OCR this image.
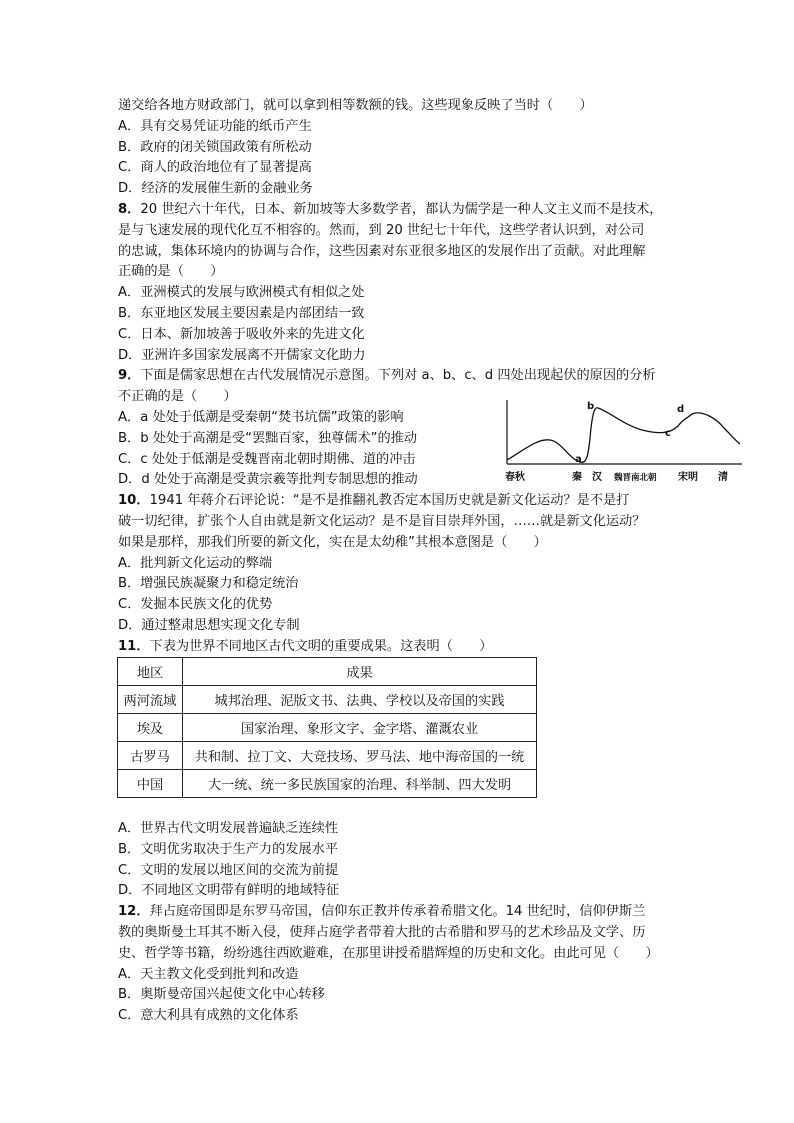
递交给各地方财政部门，就可以拿到相等数额的钱。这些现象反映了当时（　　）
A．具有交易凭证功能的纸币产生
B．政府的闭关锁国政策有所松动
C．商人的政治地位有了显著提高
D．经济的发展催生新的金融业务
8．20 世纪六十年代，日本、新加坡等大多数学者，都认为儒学是一种人文主义而不是技术，
是与飞速发展的现代化互不相容的。然而，到 20 世纪七十年代，这些学者认识到，对公司
的忠诚，集体环境内的协调与合作，这些因素对东亚很多地区的发展作出了贡献。对此理解
正确的是（　　）
A．亚洲模式的发展与欧洲模式有相似之处
B．东亚地区发展主要因素是内部团结一致
C．日本、新加坡善于吸收外来的先进文化
D．亚洲许多国家发展离不开儒家文化助力
9．下面是儒家思想在古代发展情况示意图。下列对 a、b、c、d 四处出现起伏的原因的分析
不正确的是（　　）
A．a 处处于低潮是受秦朝“焚书坑儒”政策的影响
B．b 处处于高潮是受“罢黜百家，独尊儒术”的推动
C．c 处处于低潮是受魏晋南北朝时期佛、道的冲击
D．d 处处于高潮是受黄宗羲等批判专制思想的推动
10．1941 年蒋介石评论说：“是不是推翻礼教否定本国历史就是新文化运动？是不是打
破一切纪律，扩张个人自由就是新文化运动？是不是盲目崇拜外国，……就是新文化运动？
如果是那样，那我们所要的新文化，实在是太幼稚”其根本意图是（　　）
A．批判新文化运动的弊端
B．增强民族凝聚力和稳定统治
C．发掘本民族文化的优势
D．通过整肃思想实现文化专制
11．下表为世界不同地区古代文明的重要成果。这表明（　　）
a
b
c
d
春秋	秦 汉 魏晋南北朝 宋明 清
地区	成果
两河流域	城邦治理、泥版文书、法典、学校以及帝国的实践
埃及	国家治理、象形文字、金字塔、灌溉农业
古罗马	共和制、拉丁文、大竞技场、罗马法、地中海帝国的一统
中国	大一统、统一多民族国家的治理、科举制、四大发明
A．世界古代文明发展普遍缺乏连续性
B．文明优劣取决于生产力的发展水平
C．文明的发展以地区间的交流为前提
D．不同地区文明带有鲜明的地域特征
12．拜占庭帝国即是东罗马帝国，信仰东正教并传承着希腊文化。14 世纪时，信仰伊斯兰
教的奥斯曼土耳其不断入侵，使拜占庭学者带着大批的古希腊和罗马的艺术珍品及文学、历
史、哲学等书籍，纷纷逃往西欧避难，在那里讲授希腊辉煌的历史和文化。由此可见（　　）
A．天主教文化受到批判和改造
B．奥斯曼帝国兴起使文化中心转移
C．意大利具有成熟的文化体系
